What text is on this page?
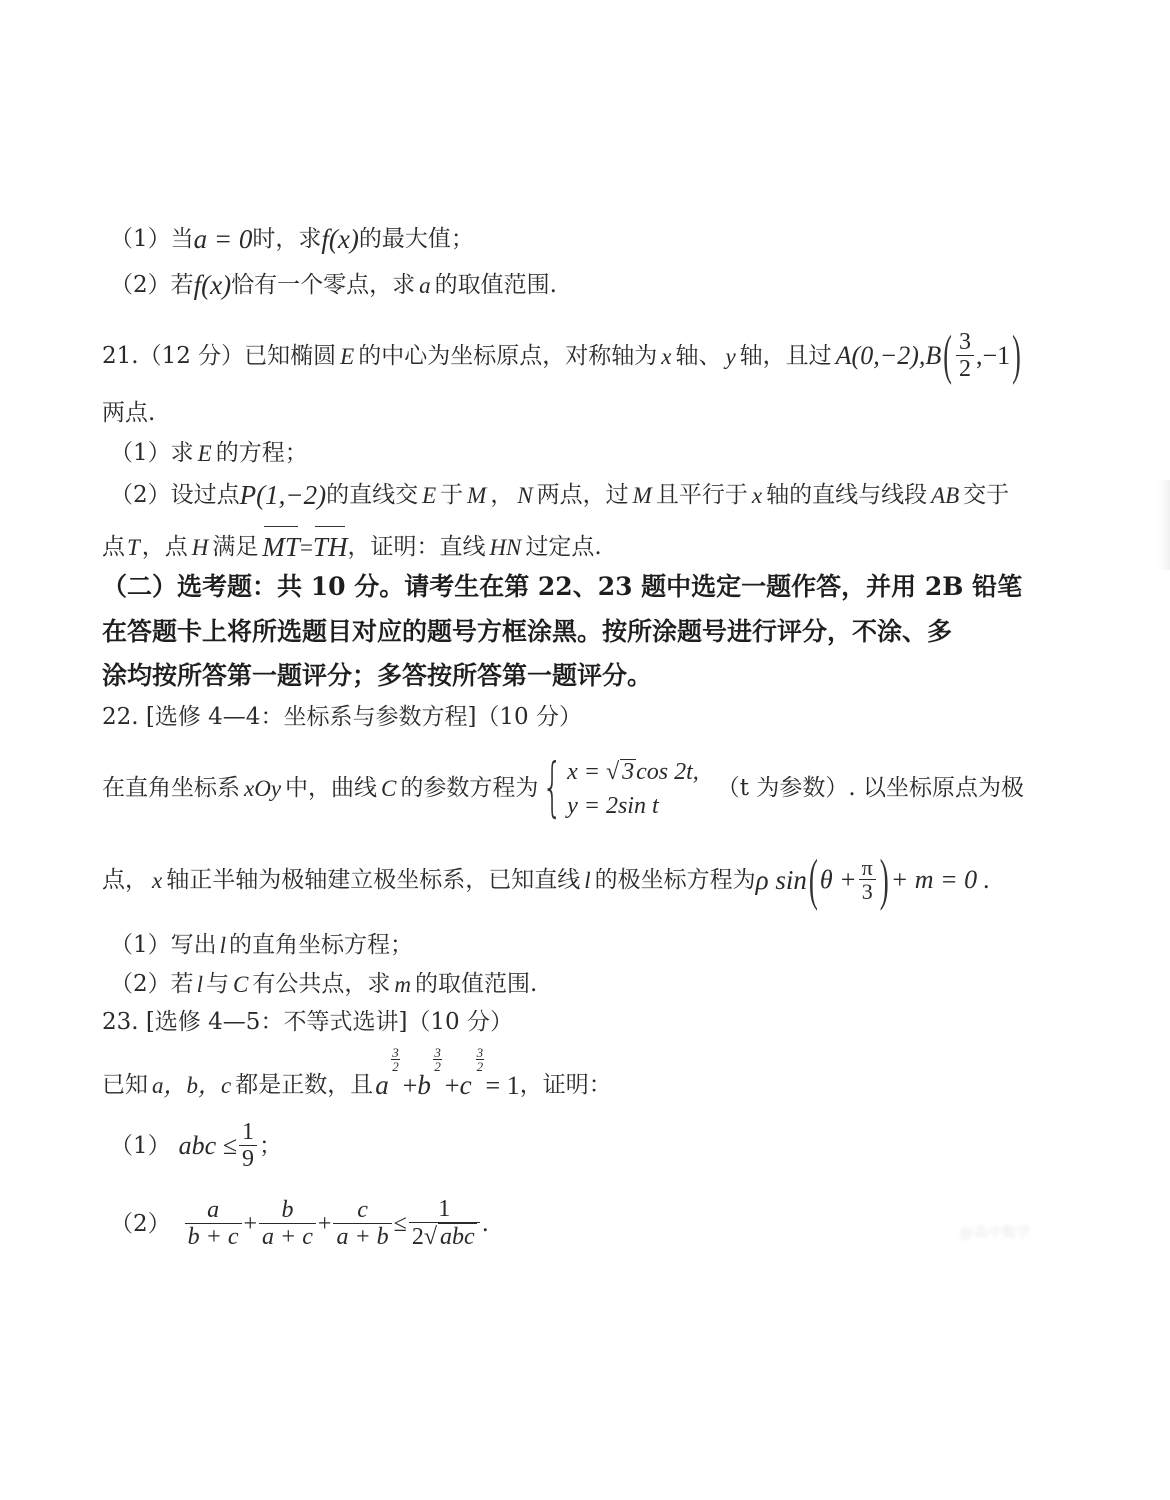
（1）当 a = 0 时，求 f(x) 的最大值；
（2）若 f(x) 恰有一个零点，求 a 的取值范围.
21. （12 分） 已知椭圆 E 的中心为坐标原点，对称轴为 x 轴、 y 轴，且过 A(0,−2), B ( $\frac{3}{2} ,-1$ )
两点.
（1）求 E 的方程；
（2）设过点 P(1,−2) 的直线交 E 于 M ， N 两点，过 M 且平行于 x 轴的直线与线段 AB 交于
点 T ，点 H 满足 MT = TH ，证明：直线 HN 过定点.
（二）选考题：共 10 分。请考生在第 22、23 题中选定一题作答，并用 2B 铅笔
在答题卡上将所选题目对应的题号方框涂黑。按所涂题号进行评分，不涂、多
涂均按所答第一题评分；多答按所答第一题评分。
22. [选修 4—4：坐标系与参数方程]（10 分）
在直角坐标系 xOy 中，曲线 C 的参数方程为 { x = √ 3cos 2t,
y = 2sin t
（t 为参数）. 以坐标原点为极
点， x 轴正半轴为极轴建立极坐标系，已知直线 l 的极坐标方程为 ρ sin ( $\theta + \frac{\pi}{3}$ ) + m = 0 .
（1）写出 l 的直角坐标方程；
（2）若 l 与 C 有公共点，求 m 的取值范围.
23. [选修 4—5：不等式选讲]（10 分）
已知 a，b，c 都是正数，且 a
$\frac{3}{2}$
+ b
$\frac{3}{2}$
+ c
$\frac{3}{2}$
= 1 ，证明：
（1） abc ≤ $\frac{1}{9}$ ；
$(2) \frac{a}{b + c} + \frac{b}{a + c} + \frac{c}{a + b} \le \frac{1}{\text{2√ abc}}$ .	@高中数学
